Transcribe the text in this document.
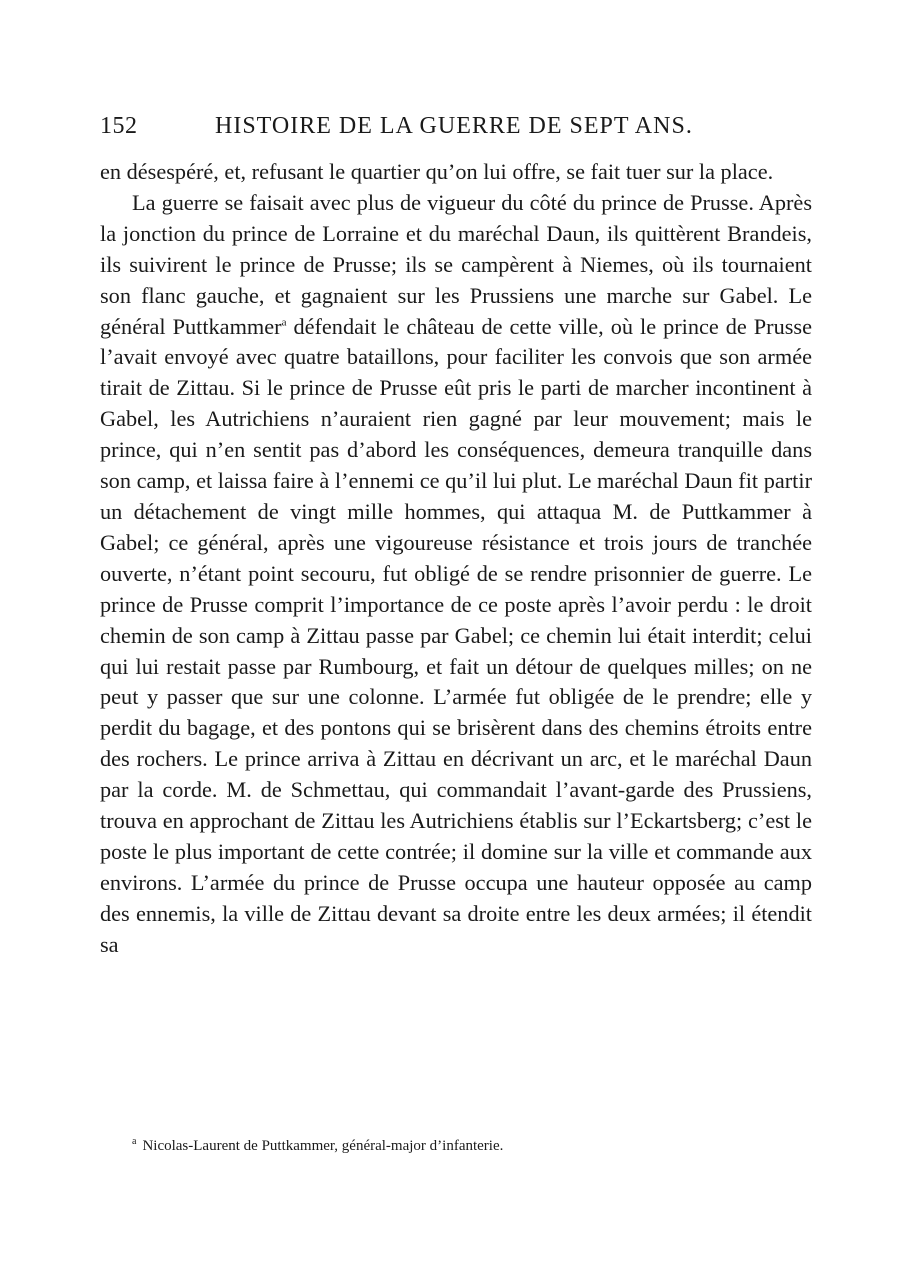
152	HISTOIRE DE LA GUERRE DE SEPT ANS.

en désespéré, et, refusant le quartier qu’on lui offre, se fait tuer sur la place.

La guerre se faisait avec plus de vigueur du côté du prince de Prusse. Après la jonction du prince de Lorraine et du maréchal Daun, ils quittèrent Brandeis, ils suivirent le prince de Prusse; ils se campèrent à Niemes, où ils tournaient son flanc gauche, et gagnaient sur les Prussiens une marche sur Gabel. Le général Puttkammer$^a$ défendait le château de cette ville, où le prince de Prusse l’avait envoyé avec quatre bataillons, pour faciliter les convois que son armée tirait de Zittau. Si le prince de Prusse eût pris le parti de marcher incontinent à Gabel, les Autrichiens n’auraient rien gagné par leur mouvement; mais le prince, qui n’en sentit pas d’abord les conséquences, demeura tranquille dans son camp, et laissa faire à l’ennemi ce qu’il lui plut. Le maréchal Daun fit partir un détachement de vingt mille hommes, qui attaqua M. de Puttkammer à Gabel; ce général, après une vigoureuse résistance et trois jours de tranchée ouverte, n’étant point secouru, fut obligé de se rendre prisonnier de guerre. Le prince de Prusse comprit l’importance de ce poste après l’avoir perdu : le droit chemin de son camp à Zittau passe par Gabel; ce chemin lui était interdit; celui qui lui restait passe par Rumbourg, et fait un détour de quelques milles; on ne peut y passer que sur une colonne. L’armée fut obligée de le prendre; elle y perdit du bagage, et des pontons qui se brisèrent dans des chemins étroits entre des rochers. Le prince arriva à Zittau en décrivant un arc, et le maréchal Daun par la corde. M. de Schmettau, qui commandait l’avant-garde des Prussiens, trouva en approchant de Zittau les Autrichiens établis sur l’Eckartsberg; c’est le poste le plus important de cette contrée; il domine sur la ville et commande aux environs. L’armée du prince de Prusse occupa une hauteur opposée au camp des ennemis, la ville de Zittau devant sa droite entre les deux armées; il étendit sa

$^a$ Nicolas-Laurent de Puttkammer, général-major d’infanterie.
